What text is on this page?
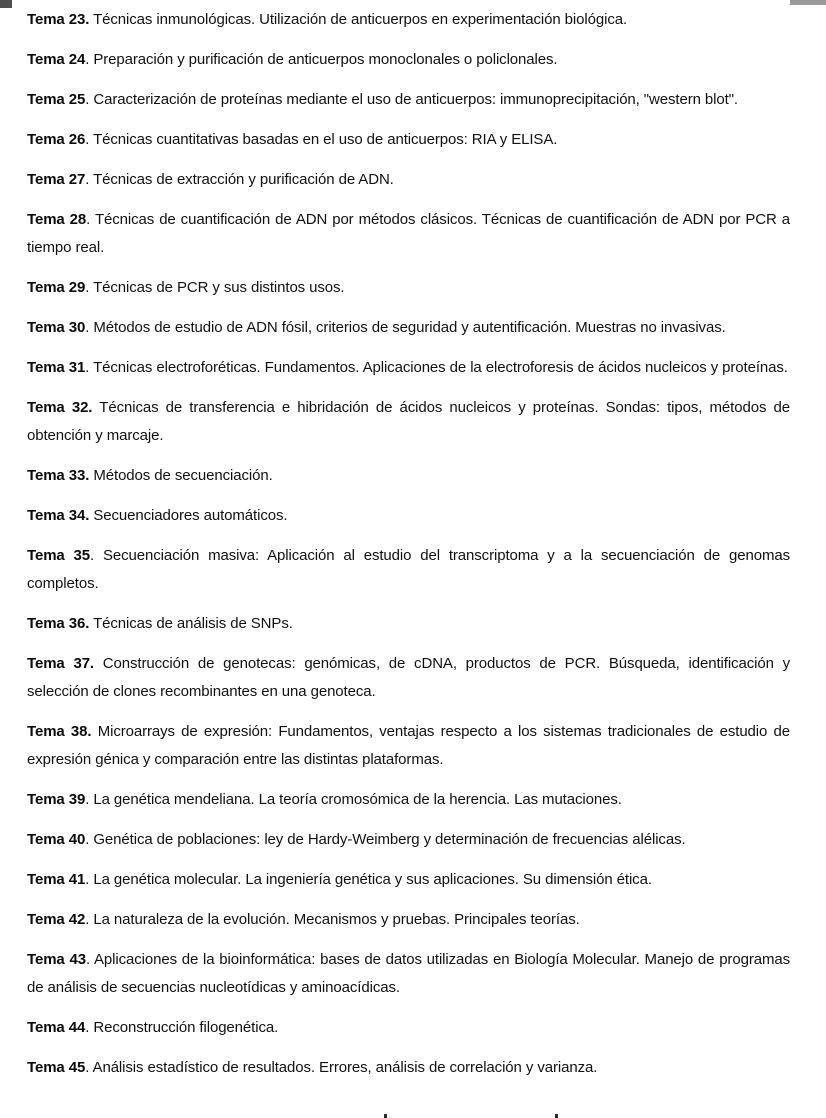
Tema 23. Técnicas inmunológicas. Utilización de anticuerpos en experimentación biológica.

Tema 24. Preparación y purificación de anticuerpos monoclonales o policlonales.

Tema 25. Caracterización de proteínas mediante el uso de anticuerpos: immunoprecipitación, "western blot".

Tema 26. Técnicas cuantitativas basadas en el uso de anticuerpos: RIA y ELISA.

Tema 27. Técnicas de extracción y purificación de ADN.

Tema 28. Técnicas de cuantificación de ADN por métodos clásicos. Técnicas de cuantificación de ADN por PCR a tiempo real.

Tema 29. Técnicas de PCR y sus distintos usos.

Tema 30. Métodos de estudio de ADN fósil, criterios de seguridad y autentificación. Muestras no invasivas.

Tema 31. Técnicas electroforéticas. Fundamentos. Aplicaciones de la electroforesis de ácidos nucleicos y proteínas.

Tema 32. Técnicas de transferencia e hibridación de ácidos nucleicos y proteínas. Sondas: tipos, métodos de obtención y marcaje.

Tema 33. Métodos de secuenciación.

Tema 34. Secuenciadores automáticos.

Tema 35. Secuenciación masiva: Aplicación al estudio del transcriptoma y a la secuenciación de genomas completos.

Tema 36. Técnicas de análisis de SNPs.

Tema 37. Construcción de genotecas: genómicas, de cDNA, productos de PCR. Búsqueda, identificación y selección de clones recombinantes en una genoteca.

Tema 38. Microarrays de expresión: Fundamentos, ventajas respecto a los sistemas tradicionales de estudio de expresión génica y comparación entre las distintas plataformas.

Tema 39. La genética mendeliana. La teoría cromosómica de la herencia. Las mutaciones.

Tema 40. Genética de poblaciones: ley de Hardy-Weimberg y determinación de frecuencias alélicas.

Tema 41. La genética molecular. La ingeniería genética y sus aplicaciones. Su dimensión ética.

Tema 42. La naturaleza de la evolución. Mecanismos y pruebas. Principales teorías.

Tema 43. Aplicaciones de la bioinformática: bases de datos utilizadas en Biología Molecular. Manejo de programas de análisis de secuencias nucleotídicas y aminoacídicas.

Tema 44. Reconstrucción filogenética.

Tema 45. Análisis estadístico de resultados. Errores, análisis de correlación y varianza.
